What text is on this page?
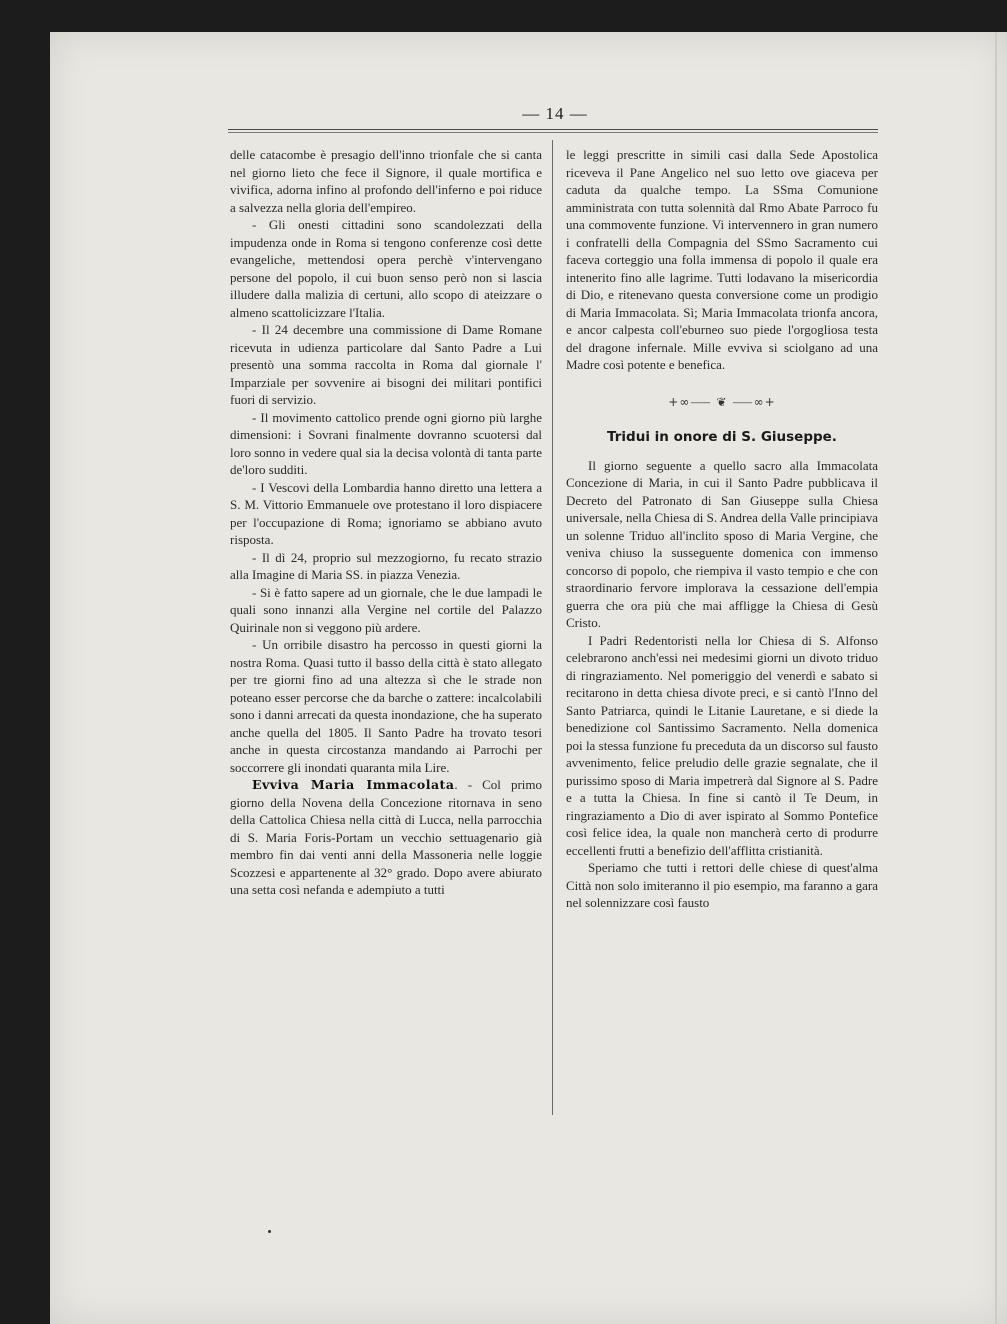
— 14 —

delle catacombe è presagio dell'inno trionfale che si canta nel giorno lieto che fece il Signore, il quale mortifica e vivifica, adorna infino al profondo dell'inferno e poi riduce a salvezza nella gloria dell'empireo.

- Gli onesti cittadini sono scandolezzati della impudenza onde in Roma si tengono conferenze così dette evangeliche, mettendosi opera perchè v'intervengano persone del popolo, il cui buon senso però non si lascia illudere dalla malizia di certuni, allo scopo di ateizzare o almeno scattolicizzare l'Italia.

- Il 24 decembre una commissione di Dame Romane ricevuta in udienza particolare dal Santo Padre a Lui presentò una somma raccolta in Roma dal giornale l' Imparziale per sovvenire ai bisogni dei militari pontifici fuori di servizio.

- Il movimento cattolico prende ogni giorno più larghe dimensioni: i Sovrani finalmente dovranno scuotersi dal loro sonno in vedere qual sia la decisa volontà di tanta parte de'loro sudditi.

- I Vescovi della Lombardia hanno diretto una lettera a S. M. Vittorio Emmanuele ove protestano il loro dispiacere per l'occupazione di Roma; ignoriamo se abbiano avuto risposta.

- Il dì 24, proprio sul mezzogiorno, fu recato strazio alla Imagine di Maria SS. in piazza Venezia.

- Si è fatto sapere ad un giornale, che le due lampadi le quali sono innanzi alla Vergine nel cortile del Palazzo Quirinale non si veggono più ardere.

- Un orribile disastro ha percosso in questi giorni la nostra Roma. Quasi tutto il basso della città è stato allegato per tre giorni fino ad una altezza sì che le strade non poteano esser percorse che da barche o zattere: incalcolabili sono i danni arrecati da questa inondazione, che ha superato anche quella del 1805. Il Santo Padre ha trovato tesori anche in questa circostanza mandando ai Parrochi per soccorrere gli inondati quaranta mila Lire.

Evviva Maria Immacolata. - Col primo giorno della Novena della Concezione ritornava in seno della Cattolica Chiesa nella città di Lucca, nella parrocchia di S. Maria Foris-Portam un vecchio settuagenario già membro fin dai venti anni della Massoneria nelle loggie Scozzesi e appartenente al 32° grado. Dopo avere abiurato una setta così nefanda e adempiuto a tutti

le leggi prescritte in simili casi dalla Sede Apostolica riceveva il Pane Angelico nel suo letto ove giaceva per caduta da qualche tempo. La SSma Comunione amministrata con tutta solennità dal Rmo Abate Parroco fu una commovente funzione. Vi intervennero in gran numero i confratelli della Compagnia del SSmo Sacramento cui faceva corteggio una folla immensa di popolo il quale era intenerito fino alle lagrime. Tutti lodavano la misericordia di Dio, e ritenevano questa conversione come un prodigio di Maria Immacolata. Sì; Maria Immacolata trionfa ancora, e ancor calpesta coll'eburneo suo piede l'orgogliosa testa del dragone infernale. Mille evviva si sciolgano ad una Madre così potente e benefica.

+∞⸺ ❦ ⸺∞+
Tridui in onore di S. Giuseppe.

Il giorno seguente a quello sacro alla Immacolata Concezione di Maria, in cui il Santo Padre pubblicava il Decreto del Patronato di San Giuseppe sulla Chiesa universale, nella Chiesa di S. Andrea della Valle principiava un solenne Triduo all'inclito sposo di Maria Vergine, che veniva chiuso la susseguente domenica con immenso concorso di popolo, che riempiva il vasto tempio e che con straordinario fervore implorava la cessazione dell'empia guerra che ora più che mai affligge la Chiesa di Gesù Cristo.

I Padri Redentoristi nella lor Chiesa di S. Alfonso celebrarono anch'essi nei medesimi giorni un divoto triduo di ringraziamento. Nel pomeriggio del venerdì e sabato si recitarono in detta chiesa divote preci, e si cantò l'Inno del Santo Patriarca, quindi le Litanie Lauretane, e si diede la benedizione col Santissimo Sacramento. Nella domenica poi la stessa funzione fu preceduta da un discorso sul fausto avvenimento, felice preludio delle grazie segnalate, che il purissimo sposo di Maria impetrerà dal Signore al S. Padre e a tutta la Chiesa. In fine si cantò il Te Deum, in ringraziamento a Dio di aver ispirato al Sommo Pontefice così felice idea, la quale non mancherà certo di produrre eccellenti frutti a benefizio dell'afflitta cristianità.

Speriamo che tutti i rettori delle chiese di quest'alma Città non solo imiteranno il pio esempio, ma faranno a gara nel solennizzare così fausto
